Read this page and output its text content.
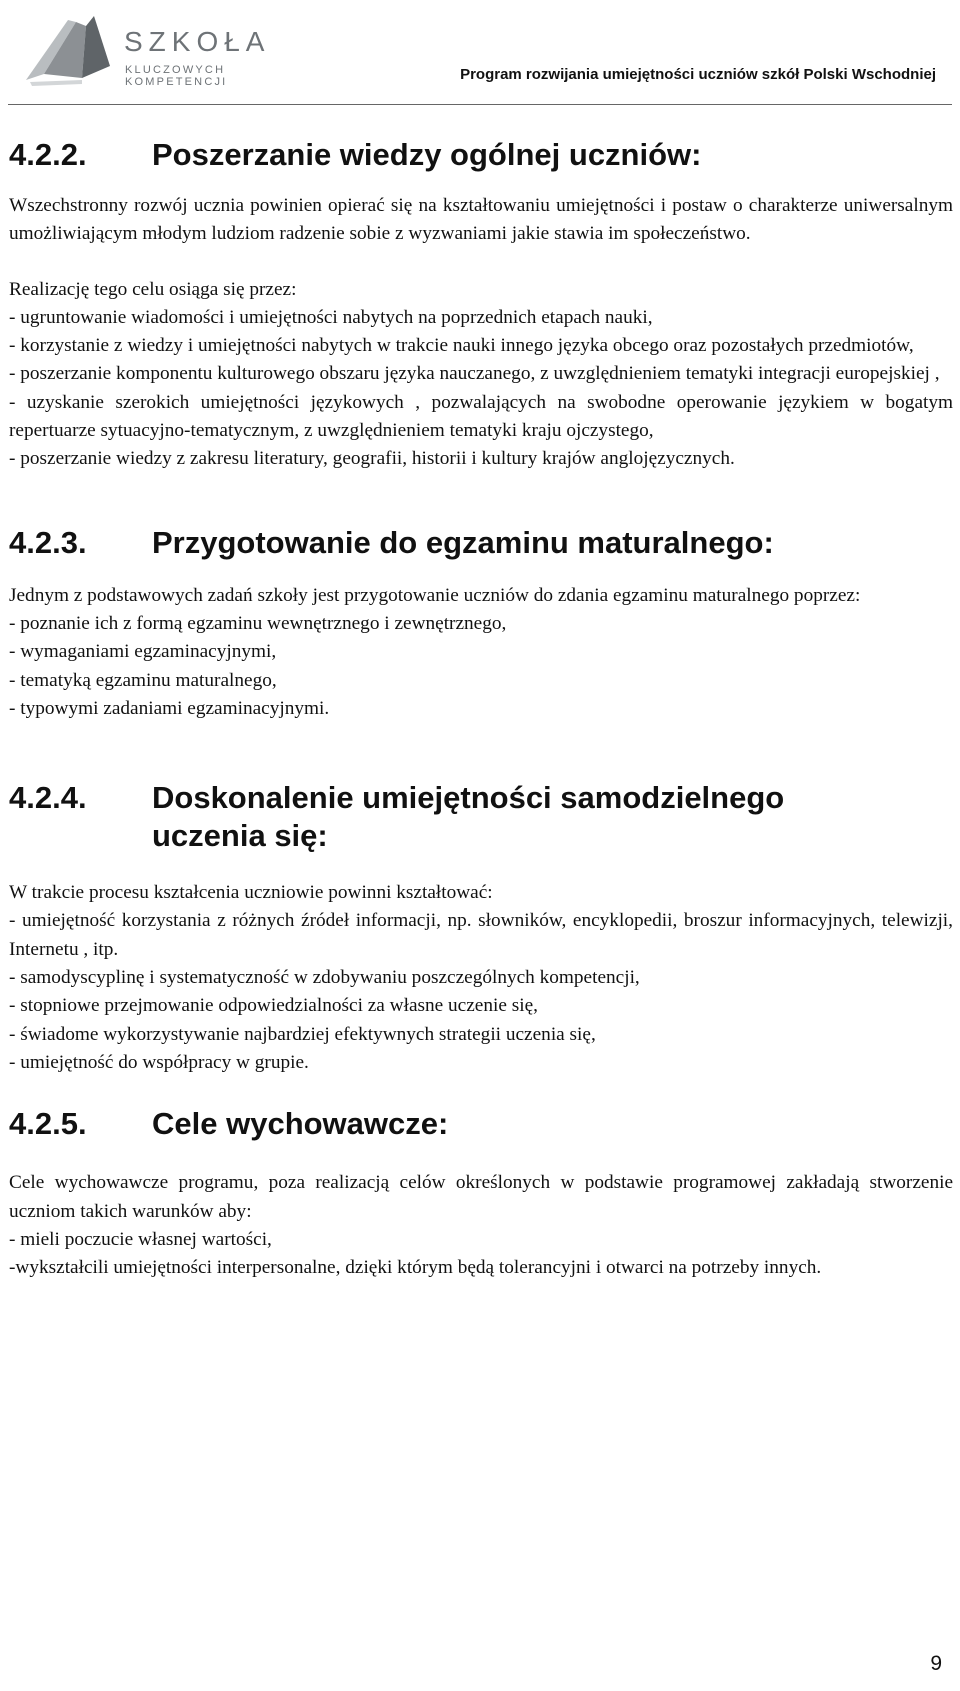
SZKOŁA
KLUCZOWYCH KOMPETENCJI	Program rozwijania umiejętności uczniów szkół Polski Wschodniej
4.2.2.	Poszerzanie wiedzy ogólnej uczniów:

Wszechstronny rozwój ucznia powinien opierać się na kształtowaniu umiejętności i postaw o charakterze uniwersalnym umożliwiającym młodym ludziom radzenie sobie z wyzwaniami jakie stawia im społeczeństwo.

Realizację tego celu osiąga się przez:

- ugruntowanie wiadomości i umiejętności nabytych na poprzednich etapach nauki,

- korzystanie z wiedzy i umiejętności nabytych w trakcie nauki innego języka obcego oraz pozostałych przedmiotów,

- poszerzanie komponentu kulturowego obszaru języka nauczanego, z uwzględnieniem tematyki integracji europejskiej ,

- uzyskanie szerokich umiejętności językowych , pozwalających na swobodne operowanie językiem w bogatym repertuarze sytuacyjno-tematycznym, z uwzględnieniem tematyki kraju ojczystego,

- poszerzanie wiedzy z zakresu literatury, geografii, historii i kultury krajów anglojęzycznych.

4.2.3.	Przygotowanie do egzaminu maturalnego:

Jednym z podstawowych zadań szkoły jest przygotowanie uczniów do zdania egzaminu maturalnego poprzez:

- poznanie ich z formą egzaminu wewnętrznego i zewnętrznego,

- wymaganiami egzaminacyjnymi,

- tematyką egzaminu maturalnego,

- typowymi zadaniami egzaminacyjnymi.

4.2.4.	Doskonalenie umiejętności samodzielnego uczenia się:

W trakcie procesu kształcenia uczniowie powinni kształtować:

- umiejętność korzystania z różnych źródeł informacji, np. słowników, encyklopedii, broszur informacyjnych, telewizji, Internetu , itp.

- samodyscyplinę i systematyczność w zdobywaniu poszczególnych kompetencji,

- stopniowe przejmowanie odpowiedzialności za własne uczenie się,

- świadome wykorzystywanie najbardziej efektywnych strategii uczenia się,

- umiejętność do współpracy w grupie.

4.2.5.	Cele wychowawcze:

Cele wychowawcze programu, poza realizacją celów określonych w podstawie programowej zakładają stworzenie uczniom takich warunków aby:

- mieli poczucie własnej wartości,

-wykształcili umiejętności interpersonalne, dzięki którym będą tolerancyjni i otwarci na potrzeby innych.

9
